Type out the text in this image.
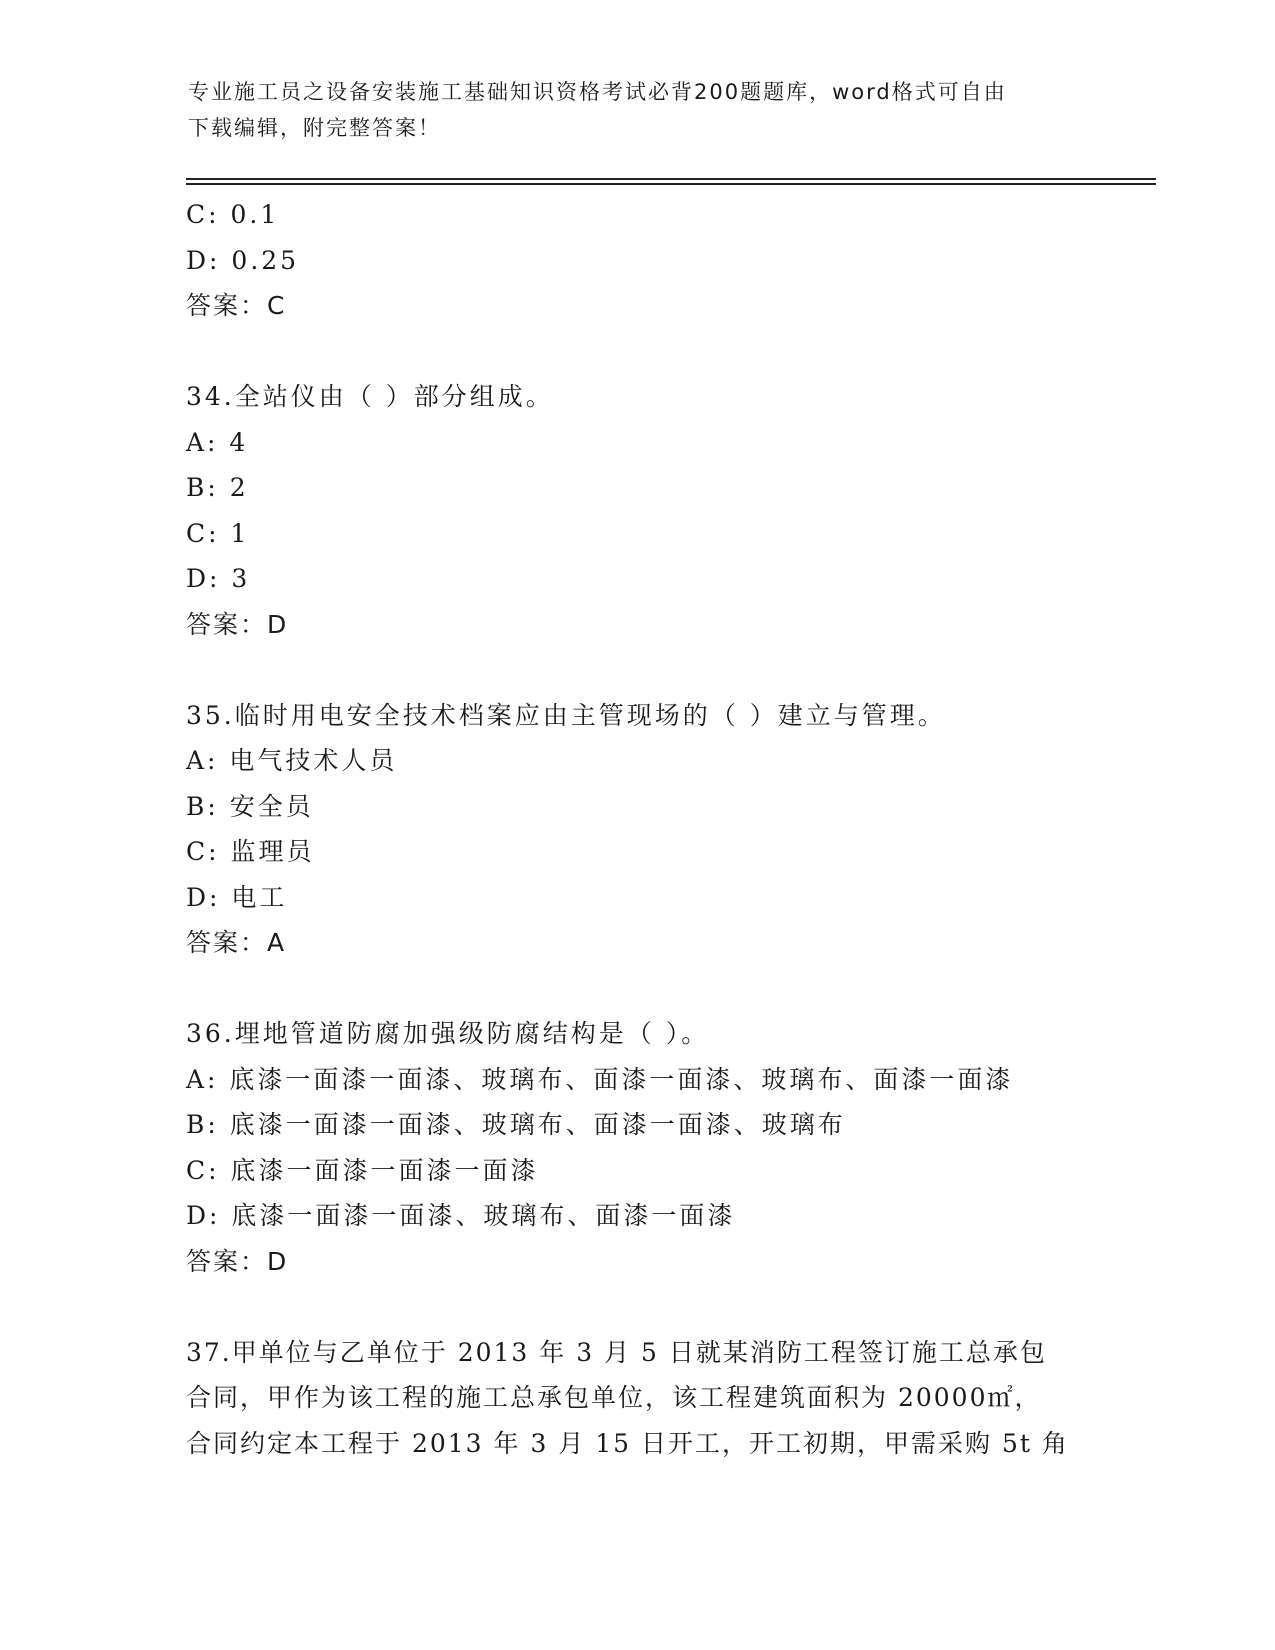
专业施工员之设备安装施工基础知识资格考试必背200题题库，word格式可自由
下载编辑，附完整答案！
C: 0.1
D: 0.25
答案：C
34.全站仪由（ ）部分组成。
A: 4
B: 2
C: 1
D: 3
答案：D
35.临时用电安全技术档案应由主管现场的（ ）建立与管理。
A: 电气技术人员
B: 安全员
C: 监理员
D: 电工
答案：A
36.埋地管道防腐加强级防腐结构是（ ）。
A: 底漆一面漆一面漆、玻璃布、面漆一面漆、玻璃布、面漆一面漆
B: 底漆一面漆一面漆、玻璃布、面漆一面漆、玻璃布
C: 底漆一面漆一面漆一面漆
D: 底漆一面漆一面漆、玻璃布、面漆一面漆
答案：D
37.甲单位与乙单位于 2013 年 3 月 5 日就某消防工程签订施工总承包
合同，甲作为该工程的施工总承包单位，该工程建筑面积为 20000㎡，
合同约定本工程于 2013 年 3 月 15 日开工，开工初期，甲需采购 5t 角
